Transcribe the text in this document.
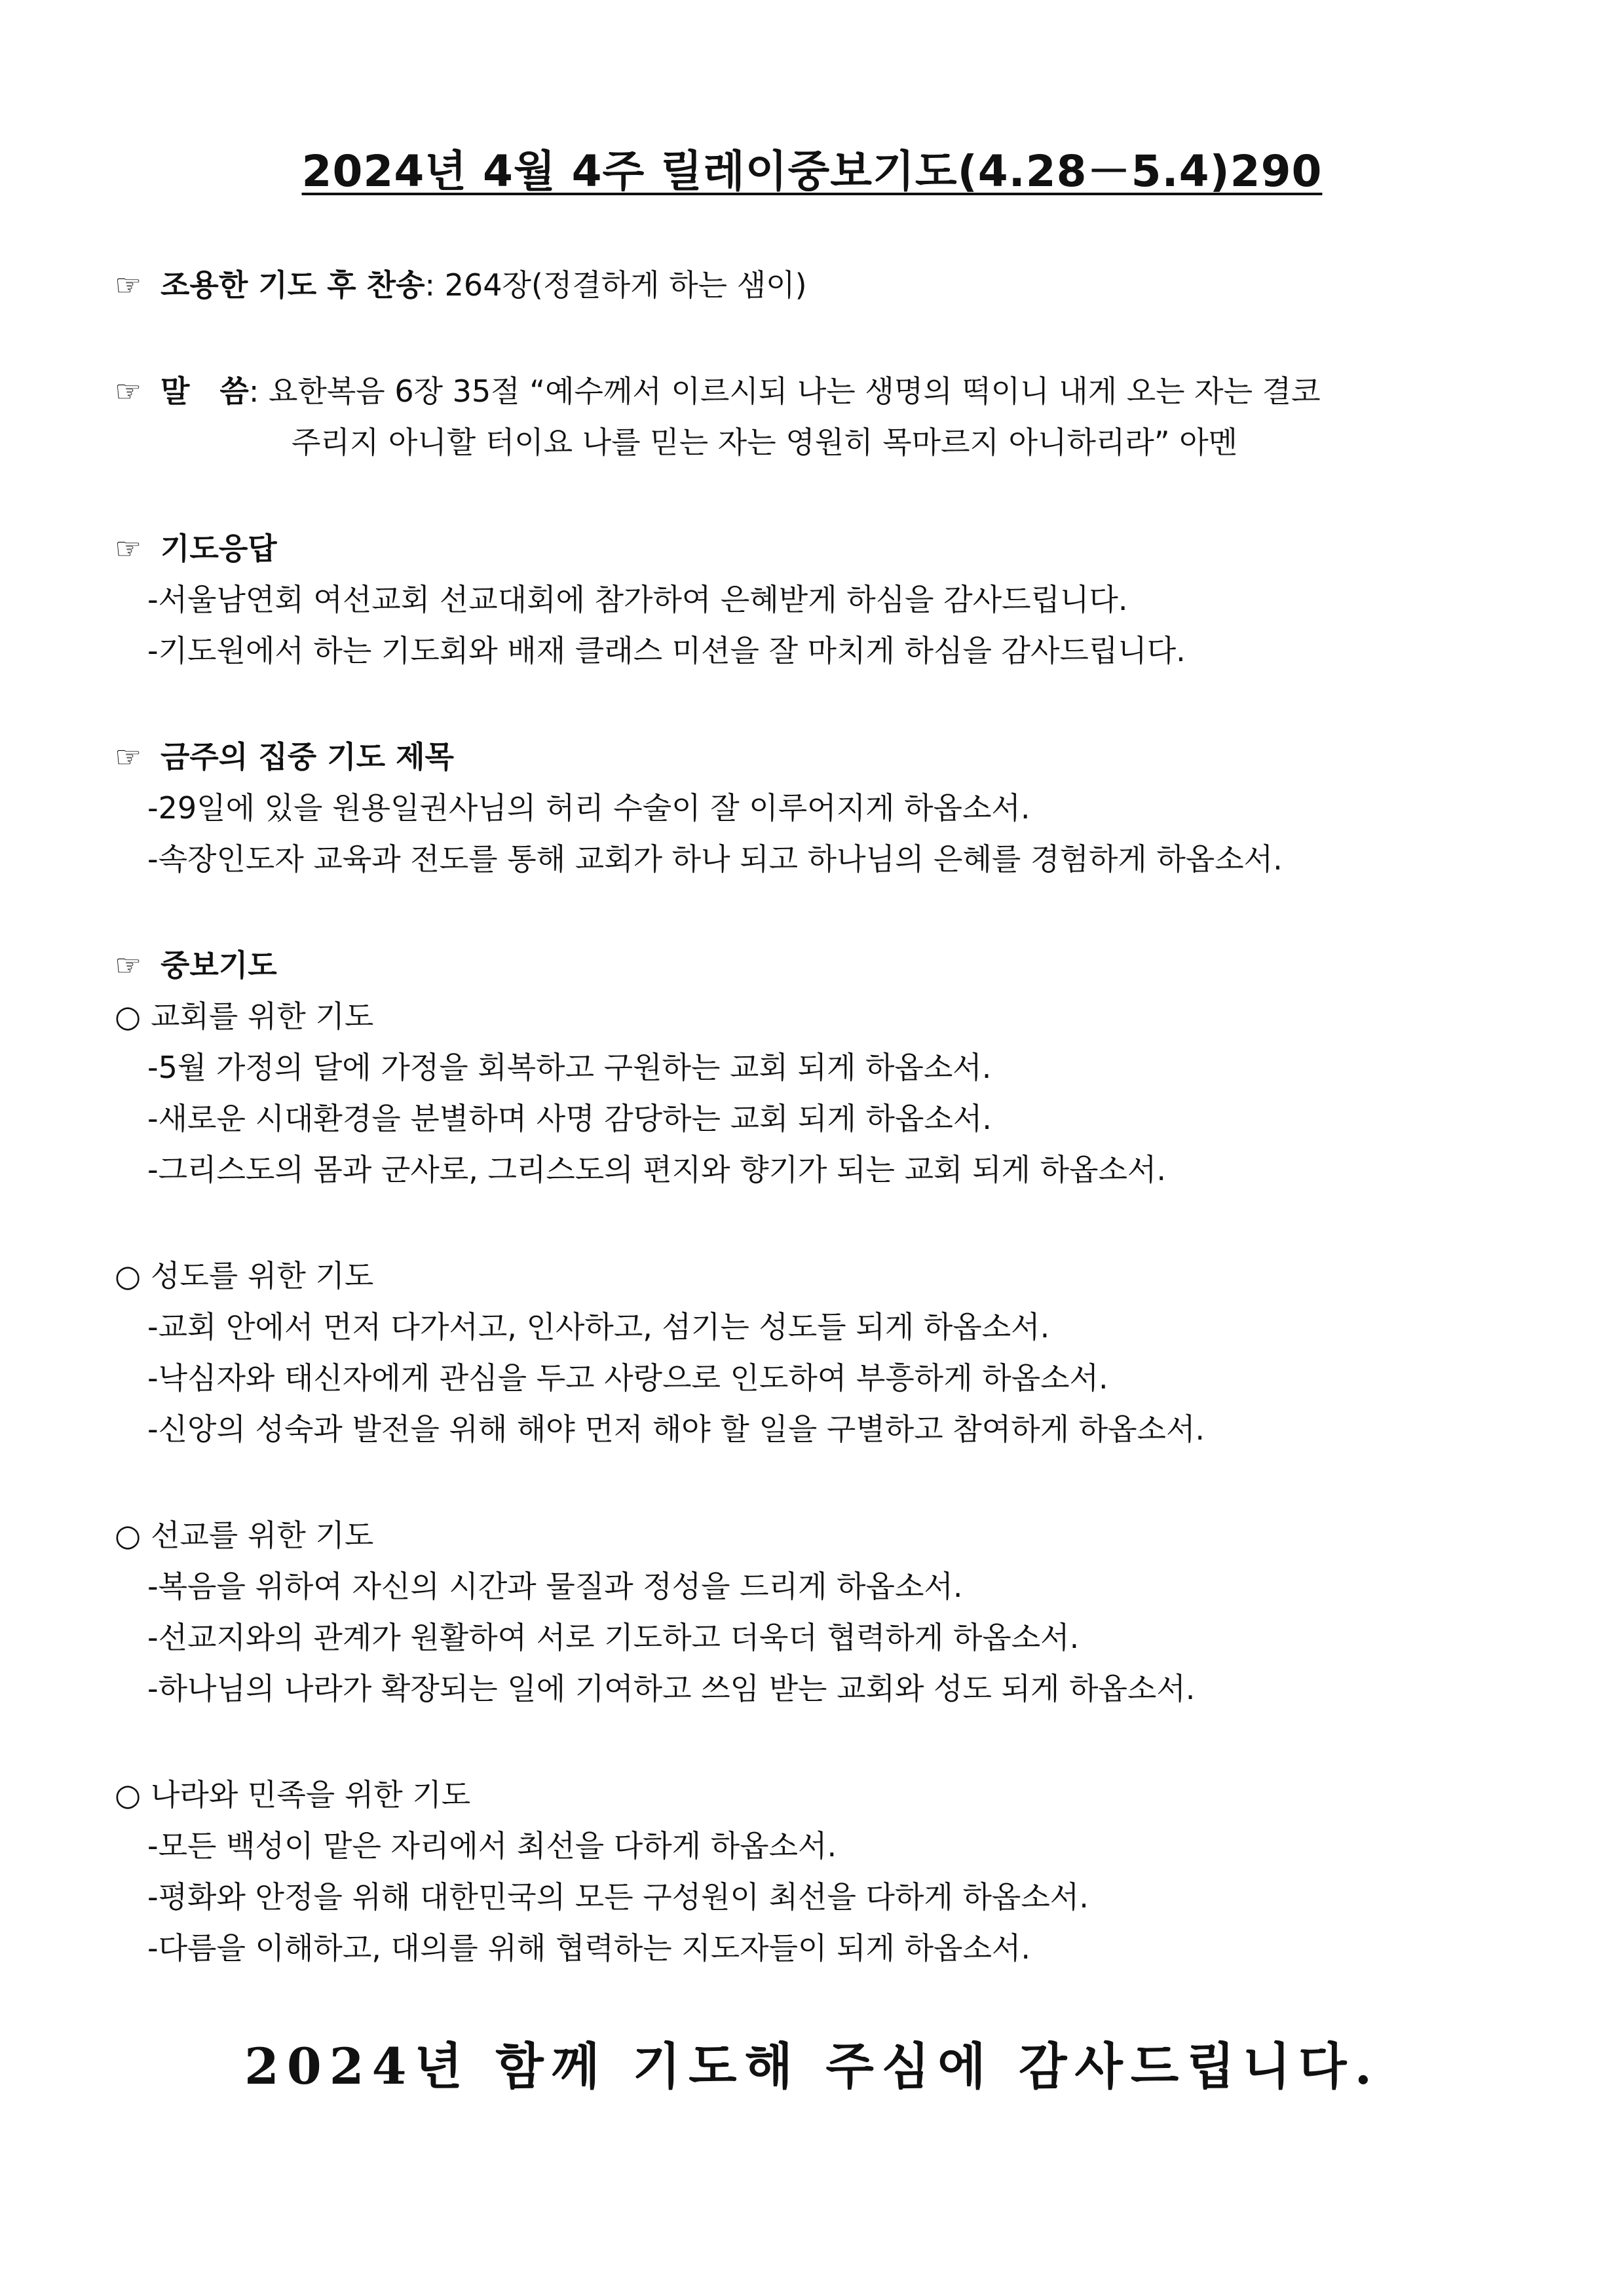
2024년 4월 4주 릴레이중보기도(4.28－5.4)290
☞ 조용한 기도 후 찬송: 264장(정결하게 하는 샘이)
☞ 말　씀: 요한복음 6장 35절 “예수께서 이르시되 나는 생명의 떡이니 내게 오는 자는 결코
주리지 아니할 터이요 나를 믿는 자는 영원히 목마르지 아니하리라” 아멘
☞ 기도응답
-서울남연회 여선교회 선교대회에 참가하여 은혜받게 하심을 감사드립니다.
-기도원에서 하는 기도회와 배재 클래스 미션을 잘 마치게 하심을 감사드립니다.
☞ 금주의 집중 기도 제목
-29일에 있을 원용일권사님의 허리 수술이 잘 이루어지게 하옵소서.
-속장인도자 교육과 전도를 통해 교회가 하나 되고 하나님의 은혜를 경험하게 하옵소서.
☞ 중보기도
○ 교회를 위한 기도
-5월 가정의 달에 가정을 회복하고 구원하는 교회 되게 하옵소서.
-새로운 시대환경을 분별하며 사명 감당하는 교회 되게 하옵소서.
-그리스도의 몸과 군사로, 그리스도의 편지와 향기가 되는 교회 되게 하옵소서.
○ 성도를 위한 기도
-교회 안에서 먼저 다가서고, 인사하고, 섬기는 성도들 되게 하옵소서.
-낙심자와 태신자에게 관심을 두고 사랑으로 인도하여 부흥하게 하옵소서.
-신앙의 성숙과 발전을 위해 해야 먼저 해야 할 일을 구별하고 참여하게 하옵소서.
○ 선교를 위한 기도
-복음을 위하여 자신의 시간과 물질과 정성을 드리게 하옵소서.
-선교지와의 관계가 원활하여 서로 기도하고 더욱더 협력하게 하옵소서.
-하나님의 나라가 확장되는 일에 기여하고 쓰임 받는 교회와 성도 되게 하옵소서.
○ 나라와 민족을 위한 기도
-모든 백성이 맡은 자리에서 최선을 다하게 하옵소서.
-평화와 안정을 위해 대한민국의 모든 구성원이 최선을 다하게 하옵소서.
-다름을 이해하고, 대의를 위해 협력하는 지도자들이 되게 하옵소서.
2024년 함께 기도해 주심에 감사드립니다.
